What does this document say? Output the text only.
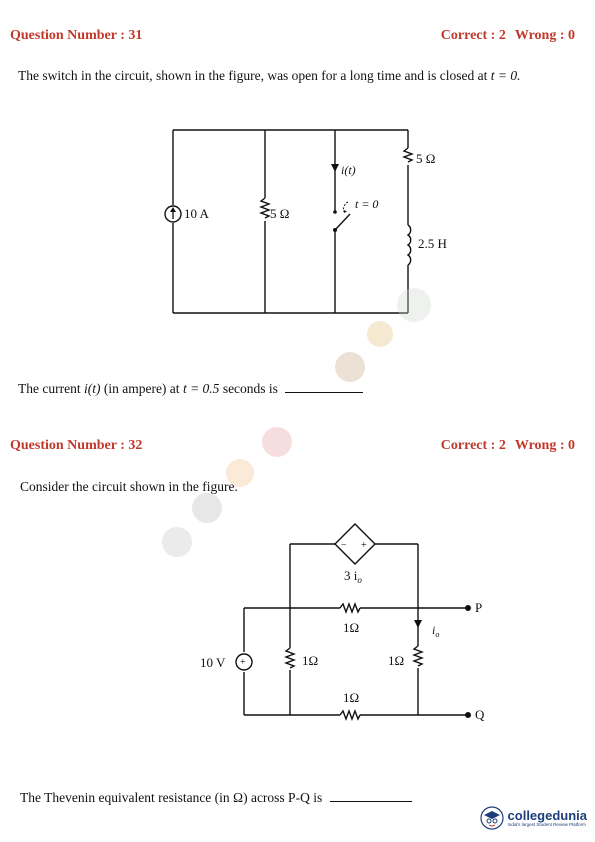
Question Number : 31	Correct : 2 Wrong : 0
The switch in the circuit, shown in the figure, was open for a long time and is closed at t = 0.
10 A	5 Ω
i(t)
t = 0
5 Ω
2.5 H
The current i(t) (in ampere) at t = 0.5 seconds is
Question Number : 32	Correct : 2 Wrong : 0
Consider the circuit shown in the figure.
− +
3 $i_o$
+
10 V
1Ω
1Ω	1Ω
1Ω
$i_o$
P
Q
The Thevenin equivalent resistance (in Ω) across P-Q is
collegedunia
India's largest Student Review Platform
